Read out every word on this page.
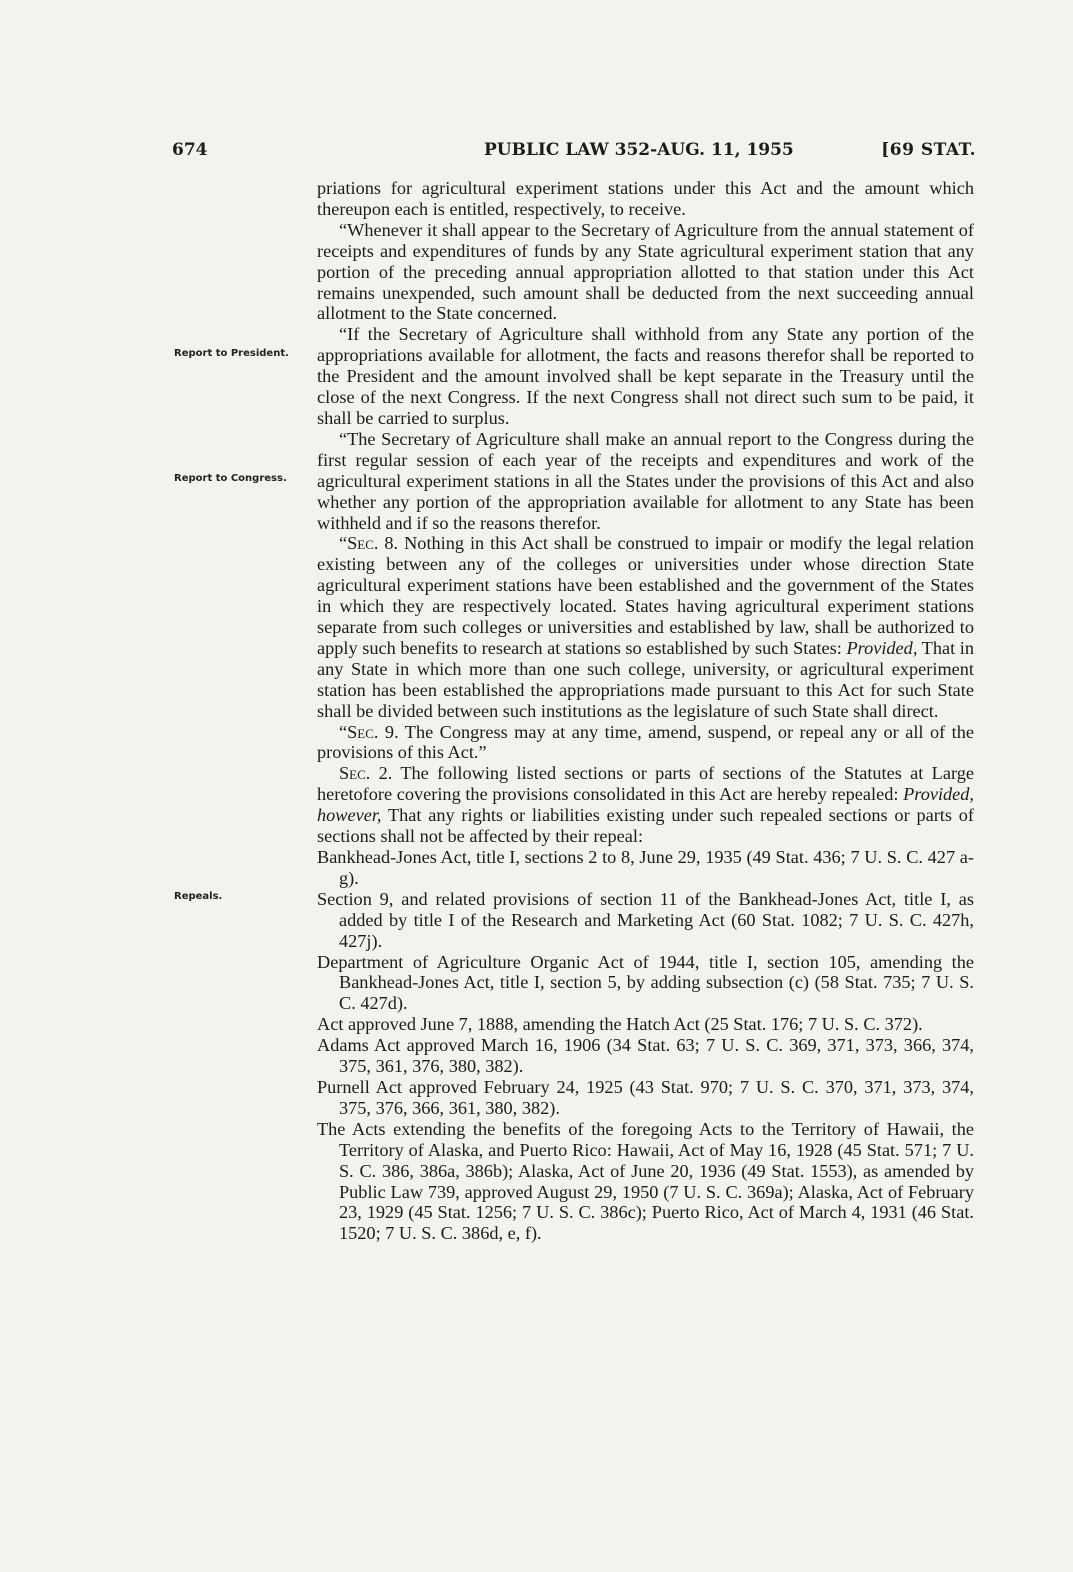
674	PUBLIC LAW 352-AUG. 11, 1955	[69 STAT.
Report to President.
Report to Congress.
Repeals.

priations for agricultural experiment stations under this Act and the amount which thereupon each is entitled, respectively, to receive.

“Whenever it shall appear to the Secretary of Agriculture from the annual statement of receipts and expenditures of funds by any State agricultural experiment station that any portion of the preceding annual appropriation allotted to that station under this Act remains unexpended, such amount shall be deducted from the next succeeding annual allotment to the State concerned.

“If the Secretary of Agriculture shall withhold from any State any portion of the appropriations available for allotment, the facts and reasons therefor shall be reported to the President and the amount involved shall be kept separate in the Treasury until the close of the next Congress. If the next Congress shall not direct such sum to be paid, it shall be carried to surplus.

“The Secretary of Agriculture shall make an annual report to the Congress during the first regular session of each year of the receipts and expenditures and work of the agricultural experiment stations in all the States under the provisions of this Act and also whether any portion of the appropriation available for allotment to any State has been withheld and if so the reasons therefor.

“Sec. 8. Nothing in this Act shall be construed to impair or modify the legal relation existing between any of the colleges or universities under whose direction State agricultural experiment stations have been established and the government of the States in which they are respectively located. States having agricultural experiment stations separate from such colleges or universities and established by law, shall be authorized to apply such benefits to research at stations so established by such States: Provided, That in any State in which more than one such college, university, or agricultural experiment station has been established the appropriations made pursuant to this Act for such State shall be divided between such institutions as the legislature of such State shall direct.

“Sec. 9. The Congress may at any time, amend, suspend, or repeal any or all of the provisions of this Act.”

Sec. 2. The following listed sections or parts of sections of the Statutes at Large heretofore covering the provisions consolidated in this Act are hereby repealed: Provided, however, That any rights or liabilities existing under such repealed sections or parts of sections shall not be affected by their repeal:

Bankhead-Jones Act, title I, sections 2 to 8, June 29, 1935 (49 Stat. 436; 7 U. S. C. 427 a-g).

Section 9, and related provisions of section 11 of the Bankhead-Jones Act, title I, as added by title I of the Research and Marketing Act (60 Stat. 1082; 7 U. S. C. 427h, 427j).

Department of Agriculture Organic Act of 1944, title I, section 105, amending the Bankhead-Jones Act, title I, section 5, by adding subsection (c) (58 Stat. 735; 7 U. S. C. 427d).

Act approved June 7, 1888, amending the Hatch Act (25 Stat. 176; 7 U. S. C. 372).

Adams Act approved March 16, 1906 (34 Stat. 63; 7 U. S. C. 369, 371, 373, 366, 374, 375, 361, 376, 380, 382).

Purnell Act approved February 24, 1925 (43 Stat. 970; 7 U. S. C. 370, 371, 373, 374, 375, 376, 366, 361, 380, 382).

The Acts extending the benefits of the foregoing Acts to the Territory of Hawaii, the Territory of Alaska, and Puerto Rico: Hawaii, Act of May 16, 1928 (45 Stat. 571; 7 U. S. C. 386, 386a, 386b); Alaska, Act of June 20, 1936 (49 Stat. 1553), as amended by Public Law 739, approved August 29, 1950 (7 U. S. C. 369a); Alaska, Act of February 23, 1929 (45 Stat. 1256; 7 U. S. C. 386c); Puerto Rico, Act of March 4, 1931 (46 Stat. 1520; 7 U. S. C. 386d, e, f).
